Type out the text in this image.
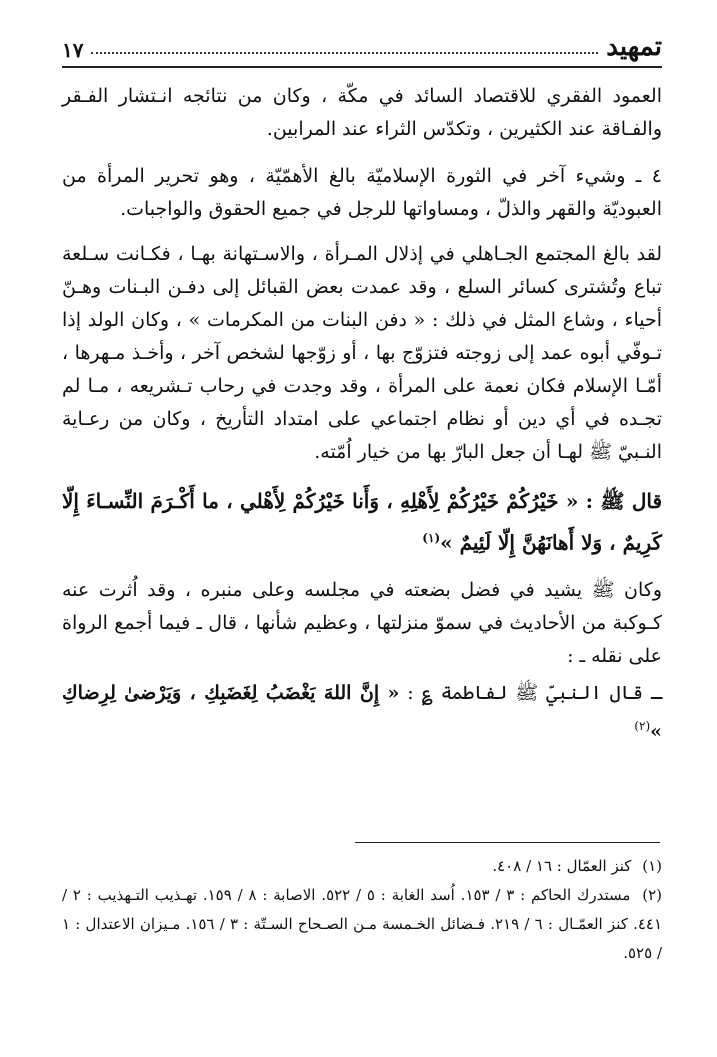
تمهيد
١٧

العمود الفقري للاقتصاد السائد في مكّة ، وكان من نتائجه انـتشار الفـقر والفـاقة عند الكثيرين ، وتكدّس الثراء عند المرابين.

٤ ـ وشيء آخر في الثورة الإسلاميّة بالغ الأهمّيّة ، وهو تحرير المرأة من العبوديّة والقهر والذلّ ، ومساواتها للرجل في جميع الحقوق والواجبات.

لقد بالغ المجتمع الجـاهلي في إذلال المـرأة ، والاسـتهانة بهـا ، فكـانت سـلعة تباع وتُشترى كسائر السلع ، وقد عمدت بعض القبائل إلى دفـن البـنات وهـنّ أحياء ، وشاع المثل في ذلك : « دفن البنات من المكرمات » ، وكان الولد إذا تـوفّي أبوه عمد إلى زوجته فتزوّج بها ، أو زوّجها لشخص آخر ، وأخـذ مـهرها ، أمّـا الإسلام فكان نعمة على المرأة ، وقد وجدت في رحاب تـشريعه ، مـا لم تجـده في أي دين أو نظام اجتماعي على امتداد التأريخ ، وكان من رعـاية النـبيّ ﷺ لهـا أن جعل البارّ بها من خيار اُمّته.

قال ﷺ : « خَيْرُكُمْ خَيْرُكُمْ لِأَهْلِهِ ، وَأَنا خَيْرُكُمْ لِأَهْلي ، ما أَكْـرَمَ النِّسـاءَ إِلّا كَرِيمٌ ، وَلا أَهانَهُنَّ إِلّا لَئِيمٌ »$^{(١)}$

وكان ﷺ يشيد في فضل بضعته في مجلسه وعلى منبره ، وقد اُثرت عنه كـوكبة من الأحاديث في سموّ منزلتها ، وعظيم شأنها ، قال ـ فيما أجمع الرواة على نقله ـ :

ـ قال النبيّ ﷺ لفاطمة ؏ : « إِنَّ اللهَ يَغْضَبُ لِغَضَبِكِ ، وَيَرْضىٰ لِرِضاكِ »$^{(٢)}$

(١) كنز العمّال : ١٦ / ٤٠٨.

(٢) مستدرك الحاكم : ٣ / ١٥٣. اُسد الغابة : ٥ / ٥٢٢. الاصابة : ٨ / ١٥٩. تهـذيب التـهذيب : ٢ / ٤٤١. كنز العمّـال : ٦ / ٢١٩. فـضائل الخـمسة مـن الصـحاح السـتّة : ٣ / ١٥٦. مـيزان الاعتدال : ١ / ٥٢٥.
